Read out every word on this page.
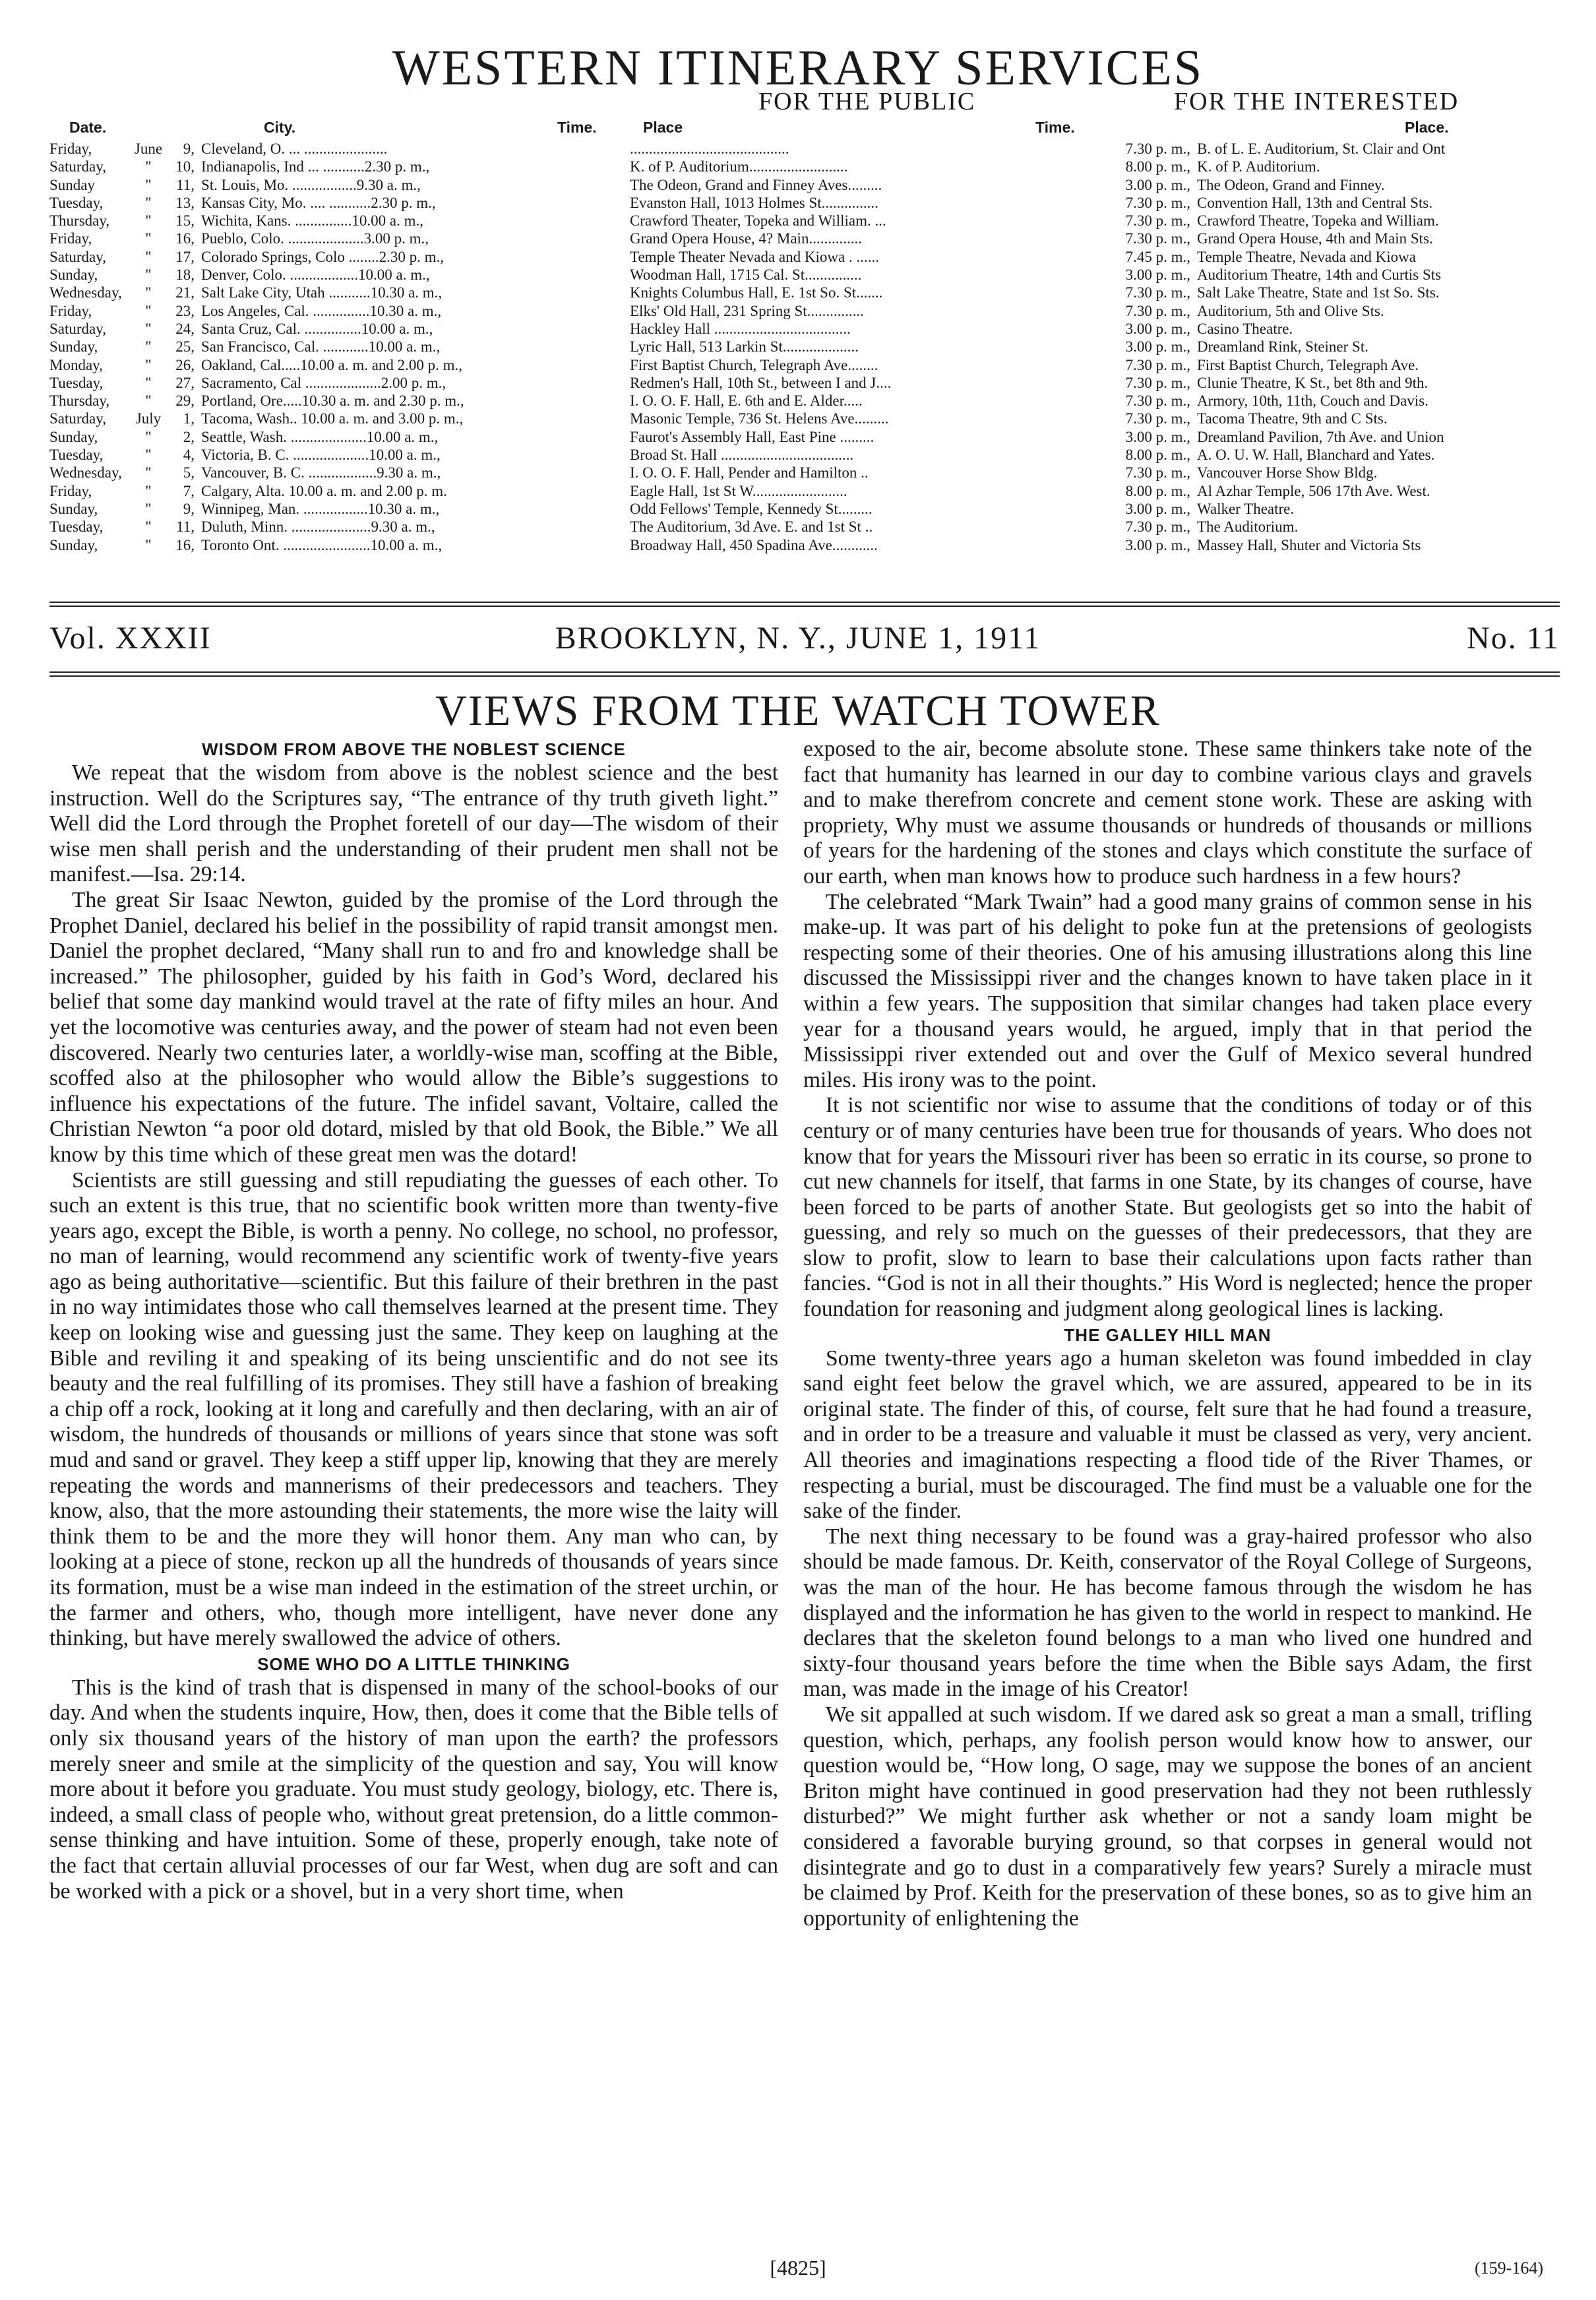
WESTERN ITINERARY SERVICES
FOR THE PUBLIC	FOR THE INTERESTED
Date.	City.	Time.	Place	Time.	Place.
Friday,	June	9, Cleveland, O. ... ......................	..........................................	7.30 p. m., B. of L. E. Auditorium, St. Clair and Ont
Saturday,	"	10, Indianapolis, Ind ... ...........2.30 p. m.,	K. of P. Auditorium..........................	8.00 p. m., K. of P. Auditorium.
Sunday	"	11, St. Louis, Mo. .................9.30 a. m.,	The Odeon, Grand and Finney Aves.........	3.00 p. m., The Odeon, Grand and Finney.
Tuesday,	"	13, Kansas City, Mo. .... ...........2.30 p. m.,	Evanston Hall, 1013 Holmes St...............	7.30 p. m., Convention Hall, 13th and Central Sts.
Thursday,	"	15, Wichita, Kans. ...............10.00 a. m.,	Crawford Theater, Topeka and William. ...	7.30 p. m., Crawford Theatre, Topeka and William.
Friday,	"	16, Pueblo, Colo. ....................3.00 p. m.,	Grand Opera House, 4? Main..............	7.30 p. m., Grand Opera House, 4th and Main Sts.
Saturday,	"	17, Colorado Springs, Colo ........2.30 p. m.,	Temple Theater Nevada and Kiowa . ......	7.45 p. m., Temple Theatre, Nevada and Kiowa
Sunday,	"	18, Denver, Colo. ..................10.00 a. m.,	Woodman Hall, 1715 Cal. St...............	3.00 p. m., Auditorium Theatre, 14th and Curtis Sts
Wednesday,	"	21, Salt Lake City, Utah ...........10.30 a. m.,	Knights Columbus Hall, E. 1st So. St.......	7.30 p. m., Salt Lake Theatre, State and 1st So. Sts.
Friday,	"	23, Los Angeles, Cal. ...............10.30 a. m.,	Elks' Old Hall, 231 Spring St...............	7.30 p. m., Auditorium, 5th and Olive Sts.
Saturday,	"	24, Santa Cruz, Cal. ...............10.00 a. m.,	Hackley Hall ....................................	3.00 p. m., Casino Theatre.
Sunday,	"	25, San Francisco, Cal. ............10.00 a. m.,	Lyric Hall, 513 Larkin St....................	3.00 p. m., Dreamland Rink, Steiner St.
Monday,	"	26, Oakland, Cal.....10.00 a. m. and 2.00 p. m.,	First Baptist Church, Telegraph Ave........	7.30 p. m., First Baptist Church, Telegraph Ave.
Tuesday,	"	27, Sacramento, Cal ....................2.00 p. m.,	Redmen's Hall, 10th St., between I and J....	7.30 p. m., Clunie Theatre, K St., bet 8th and 9th.
Thursday,	"	29, Portland, Ore.....10.30 a. m. and 2.30 p. m.,	I. O. O. F. Hall, E. 6th and E. Alder.....	7.30 p. m., Armory, 10th, 11th, Couch and Davis.
Saturday,	July	1, Tacoma, Wash.. 10.00 a. m. and 3.00 p. m.,	Masonic Temple, 736 St. Helens Ave.........	7.30 p. m., Tacoma Theatre, 9th and C Sts.
Sunday,	"	2, Seattle, Wash. ....................10.00 a. m.,	Faurot's Assembly Hall, East Pine .........	3.00 p. m., Dreamland Pavilion, 7th Ave. and Union
Tuesday,	"	4, Victoria, B. C. ....................10.00 a. m.,	Broad St. Hall ...................................	8.00 p. m., A. O. U. W. Hall, Blanchard and Yates.
Wednesday,	"	5, Vancouver, B. C. ..................9.30 a. m.,	I. O. O. F. Hall, Pender and Hamilton ..	7.30 p. m., Vancouver Horse Show Bldg.
Friday,	"	7, Calgary, Alta. 10.00 a. m. and 2.00 p. m.	Eagle Hall, 1st St W.........................	8.00 p. m., Al Azhar Temple, 506 17th Ave. West.
Sunday,	"	9, Winnipeg, Man. .................10.30 a. m.,	Odd Fellows' Temple, Kennedy St.........	3.00 p. m., Walker Theatre.
Tuesday,	"	11, Duluth, Minn. .....................9.30 a. m.,	The Auditorium, 3d Ave. E. and 1st St ..	7.30 p. m., The Auditorium.
Sunday,	"	16, Toronto Ont. .......................10.00 a. m.,	Broadway Hall, 450 Spadina Ave............	3.00 p. m., Massey Hall, Shuter and Victoria Sts
BROOKLYN, N. Y., JUNE 1, 1911
Vol. XXXII	No. 11
VIEWS FROM THE WATCH TOWER
WISDOM FROM ABOVE THE NOBLEST SCIENCE

We repeat that the wisdom from above is the noblest science and the best instruction. Well do the Scriptures say, “The entrance of thy truth giveth light.” Well did the Lord through the Prophet foretell of our day—The wisdom of their wise men shall perish and the understanding of their prudent men shall not be manifest.—Isa. 29:14.

The great Sir Isaac Newton, guided by the promise of the Lord through the Prophet Daniel, declared his belief in the possibility of rapid transit amongst men. Daniel the prophet declared, “Many shall run to and fro and knowledge shall be increased.” The philosopher, guided by his faith in God’s Word, declared his belief that some day mankind would travel at the rate of fifty miles an hour. And yet the locomotive was centuries away, and the power of steam had not even been discovered. Nearly two centuries later, a worldly-wise man, scoffing at the Bible, scoffed also at the philosopher who would allow the Bible’s suggestions to influence his expectations of the future. The infidel savant, Voltaire, called the Christian Newton “a poor old dotard, misled by that old Book, the Bible.” We all know by this time which of these great men was the dotard!

Scientists are still guessing and still repudiating the guesses of each other. To such an extent is this true, that no scientific book written more than twenty-five years ago, except the Bible, is worth a penny. No college, no school, no professor, no man of learning, would recommend any scientific work of twenty-five years ago as being authoritative—scientific. But this failure of their brethren in the past in no way intimidates those who call themselves learned at the present time. They keep on looking wise and guessing just the same. They keep on laughing at the Bible and reviling it and speaking of its being unscientific and do not see its beauty and the real fulfilling of its promises. They still have a fashion of breaking a chip off a rock, looking at it long and carefully and then declaring, with an air of wisdom, the hundreds of thousands or millions of years since that stone was soft mud and sand or gravel. They keep a stiff upper lip, knowing that they are merely repeating the words and mannerisms of their predecessors and teachers. They know, also, that the more astounding their statements, the more wise the laity will think them to be and the more they will honor them. Any man who can, by looking at a piece of stone, reckon up all the hundreds of thousands of years since its formation, must be a wise man indeed in the estimation of the street urchin, or the farmer and others, who, though more intelligent, have never done any thinking, but have merely swallowed the advice of others.

SOME WHO DO A LITTLE THINKING

This is the kind of trash that is dispensed in many of the school-books of our day. And when the students inquire, How, then, does it come that the Bible tells of only six thousand years of the history of man upon the earth? the professors merely sneer and smile at the simplicity of the question and say, You will know more about it before you graduate. You must study geology, biology, etc. There is, indeed, a small class of people who, without great pretension, do a little common-sense thinking and have intuition. Some of these, properly enough, take note of the fact that certain alluvial processes of our far West, when dug are soft and can be worked with a pick or a shovel, but in a very short time, when

exposed to the air, become absolute stone. These same thinkers take note of the fact that humanity has learned in our day to combine various clays and gravels and to make therefrom concrete and cement stone work. These are asking with propriety, Why must we assume thousands or hundreds of thousands or millions of years for the hardening of the stones and clays which constitute the surface of our earth, when man knows how to produce such hardness in a few hours?

The celebrated “Mark Twain” had a good many grains of common sense in his make-up. It was part of his delight to poke fun at the pretensions of geologists respecting some of their theories. One of his amusing illustrations along this line discussed the Mississippi river and the changes known to have taken place in it within a few years. The supposition that similar changes had taken place every year for a thousand years would, he argued, imply that in that period the Mississippi river extended out and over the Gulf of Mexico several hundred miles. His irony was to the point.

It is not scientific nor wise to assume that the conditions of today or of this century or of many centuries have been true for thousands of years. Who does not know that for years the Missouri river has been so erratic in its course, so prone to cut new channels for itself, that farms in one State, by its changes of course, have been forced to be parts of another State. But geologists get so into the habit of guessing, and rely so much on the guesses of their predecessors, that they are slow to profit, slow to learn to base their calculations upon facts rather than fancies. “God is not in all their thoughts.” His Word is neglected; hence the proper foundation for reasoning and judgment along geological lines is lacking.

THE GALLEY HILL MAN

Some twenty-three years ago a human skeleton was found imbedded in clay sand eight feet below the gravel which, we are assured, appeared to be in its original state. The finder of this, of course, felt sure that he had found a treasure, and in order to be a treasure and valuable it must be classed as very, very ancient. All theories and imaginations respecting a flood tide of the River Thames, or respecting a burial, must be discouraged. The find must be a valuable one for the sake of the finder.

The next thing necessary to be found was a gray-haired professor who also should be made famous. Dr. Keith, conservator of the Royal College of Surgeons, was the man of the hour. He has become famous through the wisdom he has displayed and the information he has given to the world in respect to mankind. He declares that the skeleton found belongs to a man who lived one hundred and sixty-four thousand years before the time when the Bible says Adam, the first man, was made in the image of his Creator!

We sit appalled at such wisdom. If we dared ask so great a man a small, trifling question, which, perhaps, any foolish person would know how to answer, our question would be, “How long, O sage, may we suppose the bones of an ancient Briton might have continued in good preservation had they not been ruthlessly disturbed?” We might further ask whether or not a sandy loam might be considered a favorable burying ground, so that corpses in general would not disintegrate and go to dust in a comparatively few years? Surely a miracle must be claimed by Prof. Keith for the preservation of these bones, so as to give him an opportunity of enlightening the

[4825]	(159-164)
